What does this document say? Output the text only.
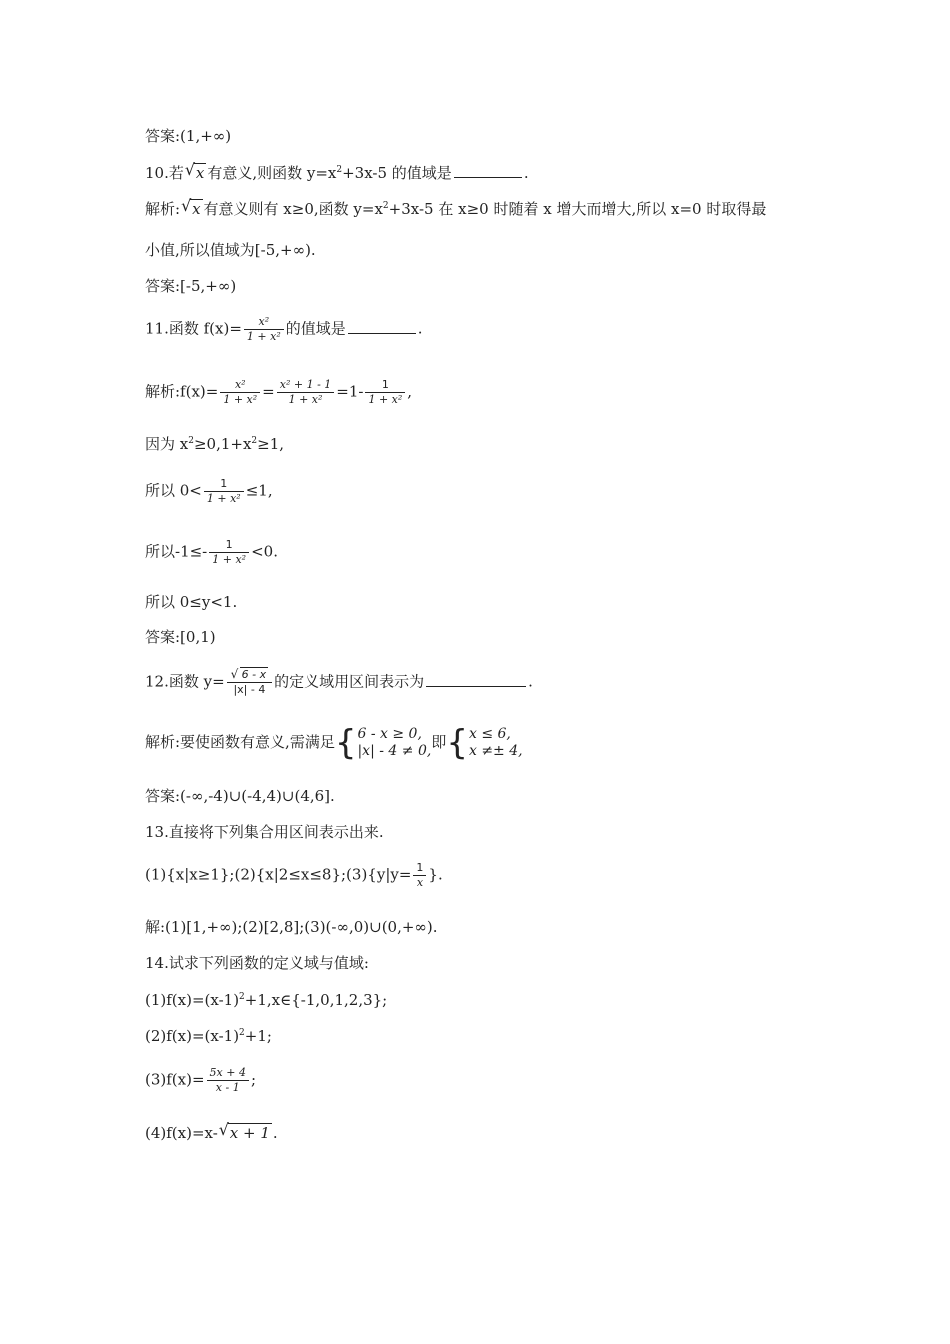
答案:(1,+∞)
10.若 √ x 有意义,则函数 $y=x^2+3x-5$ 的值域是	.
解析: √ x 有意义则有 x≥0,函数 $y=x^2+3x-5$ 在 x≥0 时随着 x 增大而增大,所以 x=0 时取得最
小值,所以值域为[-5,+∞).
答案:[-5,+∞)
11.函数 $f(x)= \frac{\text{x²}}{\text{1 + x²}}$ 的值域是	.
解析:f(x)= $\frac{\text{x²}}{\text{1 + x²}} = \frac{\text{x² + 1 - 1}}{\text{1 + x²}} =1- \frac{1}{\text{1 + x²}}$ ,
因为 $x^2\ge 0,1+x^2\ge 1$,
所以 $0< \frac{1}{\text{1 + x²}} \le 1$,
所以$-1\le- \frac{1}{\text{1 + x²}} <0$.
所以 0≤y<1.
答案:[0,1)
12.函数 $y= \frac{√ 6 - x}{|x| - 4}$ 的定义域用区间表示为	.
解析:要使函数有意义,需满足{ 6 - x ≥ 0,
|x| - 4 ≠ 0, 即{ x ≤ 6,
x ≠± 4,
答案:(-∞,-4)∪(-4,4)∪(4,6].
13.直接将下列集合用区间表示出来.
(1){x|x≥1};(2){x|2≤x≤8};(3){y|y= $\frac{1}{x}$ }.
解:(1)[1,+∞);(2)[2,8];(3)(-∞,0)∪(0,+∞).
14.试求下列函数的定义域与值域:
$(1)f(x)=(x-1)^2+1,x\in\{-1,0,1,2,3\}$;
$(2)f(x)=(x-1)^2+1$;
$(3)f(x)= \frac{5x + 4}{x - 1}$ ;
(4)f(x)=x- √ x + 1 .
